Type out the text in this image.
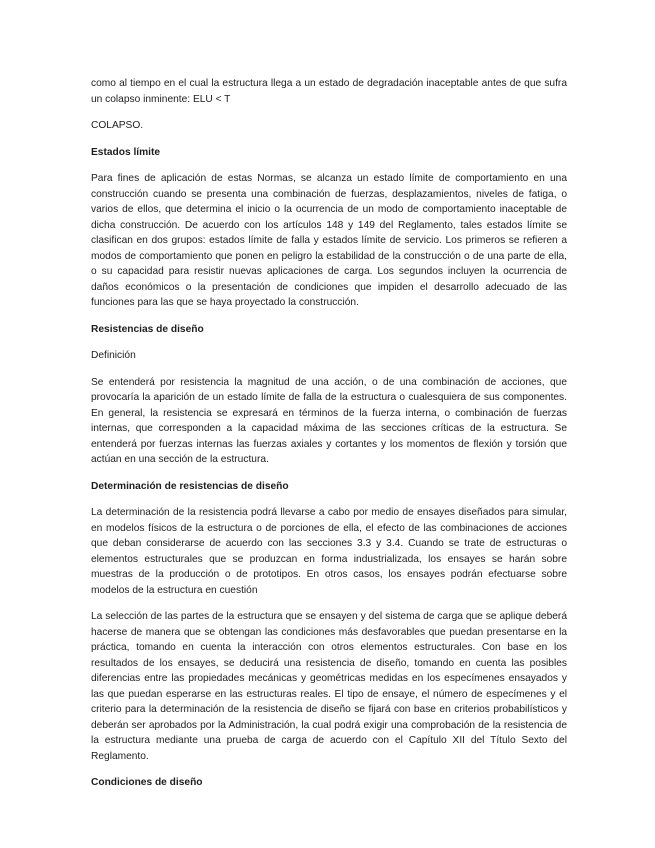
como al tiempo en el cual la estructura llega a un estado de degradación inaceptable antes de que sufra un colapso inminente: ELU < T

COLAPSO.

Estados límite

Para fines de aplicación de estas Normas, se alcanza un estado límite de comportamiento en una construcción cuando se presenta una combinación de fuerzas, desplazamientos, niveles de fatiga, o varios de ellos, que determina el inicio o la ocurrencia de un modo de comportamiento inaceptable de dicha construcción. De acuerdo con los artículos 148 y 149 del Reglamento, tales estados límite se clasifican en dos grupos: estados límite de falla y estados límite de servicio. Los primeros se refieren a modos de comportamiento que ponen en peligro la estabilidad de la construcción o de una parte de ella, o su capacidad para resistir nuevas aplicaciones de carga. Los segundos incluyen la ocurrencia de daños económicos o la presentación de condiciones que impiden el desarrollo adecuado de las funciones para las que se haya proyectado la construcción.

Resistencias de diseño

Definición

Se entenderá por resistencia la magnitud de una acción, o de una combinación de acciones, que provocaría la aparición de un estado límite de falla de la estructura o cualesquiera de sus componentes. En general, la resistencia se expresará en términos de la fuerza interna, o combinación de fuerzas internas, que corresponden a la capacidad máxima de las secciones críticas de la estructura. Se entenderá por fuerzas internas las fuerzas axiales y cortantes y los momentos de flexión y torsión que actúan en una sección de la estructura.

Determinación de resistencias de diseño

La determinación de la resistencia podrá llevarse a cabo por medio de ensayes diseñados para simular, en modelos físicos de la estructura o de porciones de ella, el efecto de las combinaciones de acciones que deban considerarse de acuerdo con las secciones 3.3 y 3.4. Cuando se trate de estructuras o elementos estructurales que se produzcan en forma industrializada, los ensayes se harán sobre muestras de la producción o de prototipos. En otros casos, los ensayes podrán efectuarse sobre modelos de la estructura en cuestión

La selección de las partes de la estructura que se ensayen y del sistema de carga que se aplique deberá hacerse de manera que se obtengan las condiciones más desfavorables que puedan presentarse en la práctica, tomando en cuenta la interacción con otros elementos estructurales. Con base en los resultados de los ensayes, se deducirá una resistencia de diseño, tomando en cuenta las posibles diferencias entre las propiedades mecánicas y geométricas medidas en los especímenes ensayados y las que puedan esperarse en las estructuras reales. El tipo de ensaye, el número de especímenes y el criterio para la determinación de la resistencia de diseño se fijará con base en criterios probabilísticos y deberán ser aprobados por la Administración, la cual podrá exigir una comprobación de la resistencia de la estructura mediante una prueba de carga de acuerdo con el Capítulo XII del Título Sexto del Reglamento.

Condiciones de diseño
